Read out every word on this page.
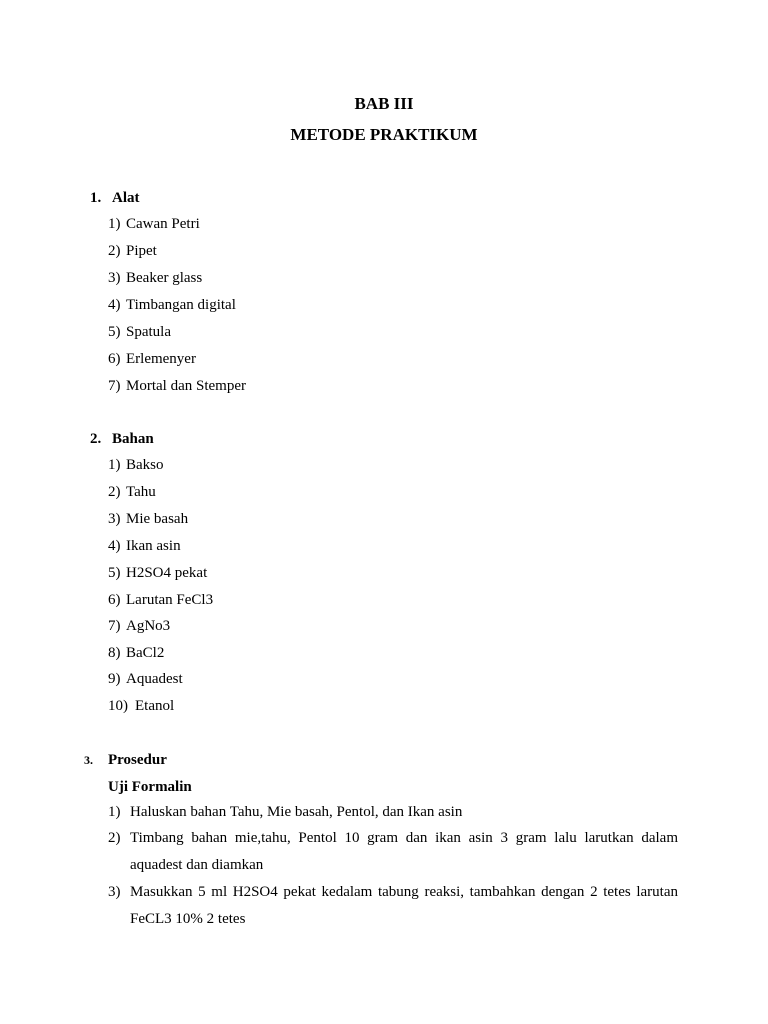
BAB III
METODE PRAKTIKUM
1. Alat
1) Cawan Petri
2) Pipet
3) Beaker glass
4) Timbangan digital
5) Spatula
6) Erlemenyer
7) Mortal dan Stemper
2. Bahan
1) Bakso
2) Tahu
3) Mie basah
4) Ikan asin
5) H2SO4 pekat
6) Larutan FeCl3
7) AgNo3
8) BaCl2
9) Aquadest
10) Etanol
3.	Prosedur
Uji Formalin
1) Haluskan bahan Tahu, Mie basah, Pentol, dan Ikan asin
2) Timbang bahan mie,tahu, Pentol 10 gram dan ikan asin 3 gram lalu larutkan dalam aquadest dan diamkan
3) Masukkan 5 ml H2SO4 pekat kedalam tabung reaksi, tambahkan dengan 2 tetes larutan FeCL3 10% 2 tetes
